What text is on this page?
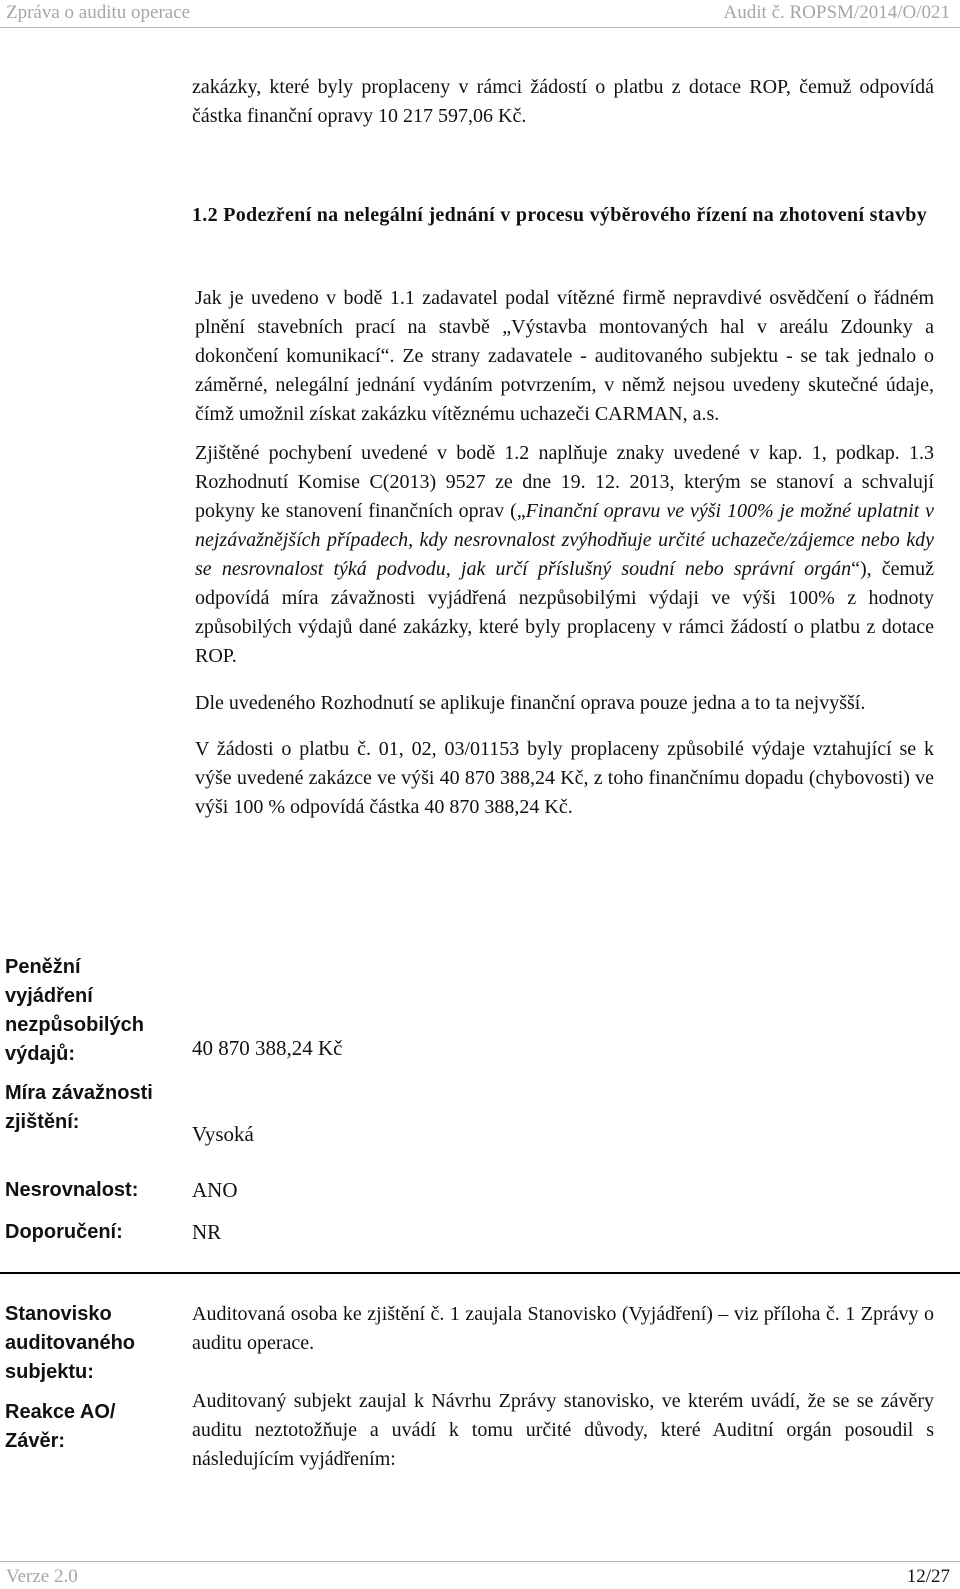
Zpráva o auditu operace	Audit č. ROPSM/2014/O/021

zakázky, které byly proplaceny v rámci žádostí o platbu z dotace ROP, čemuž odpovídá částka finanční opravy 10 217 597,06 Kč.

1.2 Podezření na nelegální jednání v procesu výběrového řízení na zhotovení stavby

Jak je uvedeno v bodě 1.1 zadavatel podal vítězné firmě nepravdivé osvědčení o řádném plnění stavebních prací na stavbě „Výstavba montovaných hal v areálu Zdounky a dokončení komunikací“. Ze strany zadavatele - auditovaného subjektu - se tak jednalo o záměrné, nelegální jednání vydáním potvrzením, v němž nejsou uvedeny skutečné údaje, čímž umožnil získat zakázku vítěznému uchazeči CARMAN, a.s.

Zjištěné pochybení uvedené v bodě 1.2 naplňuje znaky uvedené v kap. 1, podkap. 1.3 Rozhodnutí Komise C(2013) 9527 ze dne 19. 12. 2013, kterým se stanoví a schvalují pokyny ke stanovení finančních oprav („Finanční opravu ve výši 100% je možné uplatnit v nejzávažnějších případech, kdy nesrovnalost zvýhodňuje určité uchazeče/zájemce nebo kdy se nesrovnalost týká podvodu, jak určí příslušný soudní nebo správní orgán“), čemuž odpovídá míra závažnosti vyjádřená nezpůsobilými výdaji ve výši 100% z hodnoty způsobilých výdajů dané zakázky, které byly proplaceny v rámci žádostí o platbu z dotace ROP.

Dle uvedeného Rozhodnutí se aplikuje finanční oprava pouze jedna a to ta nejvyšší.

V žádosti o platbu č. 01, 02, 03/01153 byly proplaceny způsobilé výdaje vztahující se k výše uvedené zakázce ve výši 40 870 388,24 Kč, z toho finančnímu dopadu (chybovosti) ve výši 100 % odpovídá částka 40 870 388,24 Kč.

Peněžní vyjádření nezpůsobilých výdajů:	40 870 388,24 Kč
Míra závažnosti zjištění:	Vysoká
Nesrovnalost:	ANO
Doporučení:	NR
Stanovisko auditovaného subjektu:

Auditovaná osoba ke zjištění č. 1 zaujala Stanovisko (Vyjádření) – viz příloha č. 1 Zprávy o auditu operace.

Reakce AO/ Závěr:

Auditovaný subjekt zaujal k Návrhu Zprávy stanovisko, ve kterém uvádí, že se se závěry auditu neztotožňuje a uvádí k tomu určité důvody, které Auditní orgán posoudil s následujícím vyjádřením:

Verze 2.0	12/27
